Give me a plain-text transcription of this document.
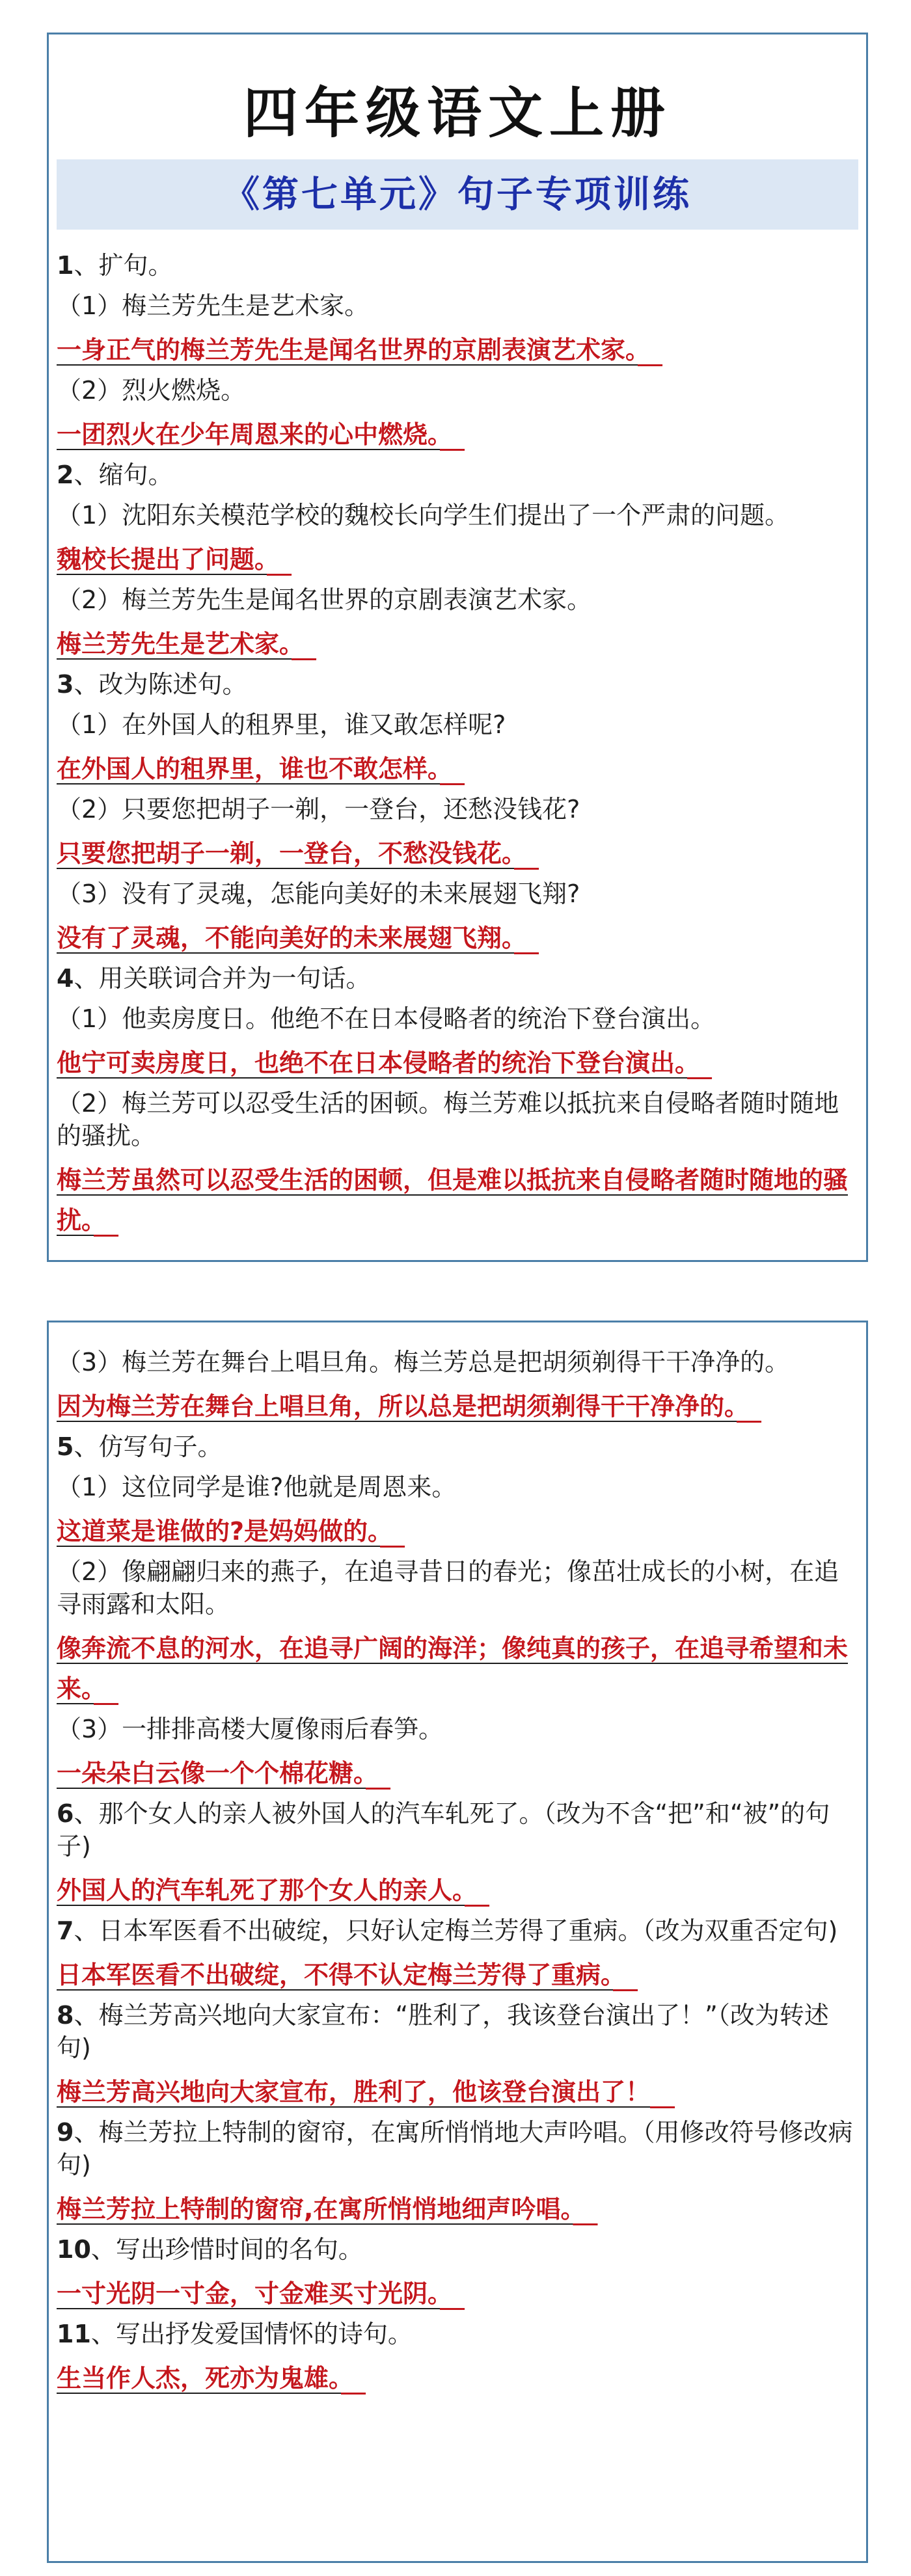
四年级语文上册
《第七单元》句子专项训练
1、扩句。
（1）梅兰芳先生是艺术家。
一身正气的梅兰芳先生是闻名世界的京剧表演艺术家。
（2）烈火燃烧。
一团烈火在少年周恩来的心中燃烧。
2、缩句。
（1）沈阳东关模范学校的魏校长向学生们提出了一个严肃的问题。
魏校长提出了问题。
（2）梅兰芳先生是闻名世界的京剧表演艺术家。
梅兰芳先生是艺术家。
3、改为陈述句。
（1）在外国人的租界里，谁又敢怎样呢?
在外国人的租界里，谁也不敢怎样。
（2）只要您把胡子一剃，一登台，还愁没钱花?
只要您把胡子一剃，一登台，不愁没钱花。
（3）没有了灵魂，怎能向美好的未来展翅飞翔?
没有了灵魂，不能向美好的未来展翅飞翔。
4、用关联词合并为一句话。
（1）他卖房度日。他绝不在日本侵略者的统治下登台演出。
他宁可卖房度日，也绝不在日本侵略者的统治下登台演出。
（2）梅兰芳可以忍受生活的困顿。梅兰芳难以抵抗来自侵略者随时随地的骚扰。
梅兰芳虽然可以忍受生活的困顿，但是难以抵抗来自侵略者随时随地的骚扰。
（3）梅兰芳在舞台上唱旦角。梅兰芳总是把胡须剃得干干净净的。
因为梅兰芳在舞台上唱旦角，所以总是把胡须剃得干干净净的。
5、仿写句子。
（1）这位同学是谁?他就是周恩来。
这道菜是谁做的?是妈妈做的。
（2）像翩翩归来的燕子，在追寻昔日的春光；像茁壮成长的小树，在追寻雨露和太阳。
像奔流不息的河水，在追寻广阔的海洋；像纯真的孩子，在追寻希望和未来。
（3）一排排高楼大厦像雨后春笋。
一朵朵白云像一个个棉花糖。
6、那个女人的亲人被外国人的汽车轧死了。（改为不含“把”和“被”的句子)
外国人的汽车轧死了那个女人的亲人。
7、日本军医看不出破绽，只好认定梅兰芳得了重病。（改为双重否定句)
日本军医看不出破绽，不得不认定梅兰芳得了重病。
8、梅兰芳高兴地向大家宣布：“胜利了，我该登台演出了！”（改为转述句)
梅兰芳高兴地向大家宣布，胜利了，他该登台演出了！
9、梅兰芳拉上特制的窗帘，在寓所悄悄地大声吟唱。（用修改符号修改病句)
梅兰芳拉上特制的窗帘,在寓所悄悄地细声吟唱。
10、写出珍惜时间的名句。
一寸光阴一寸金，寸金难买寸光阴。
11、写出抒发爱国情怀的诗句。
生当作人杰，死亦为鬼雄。
